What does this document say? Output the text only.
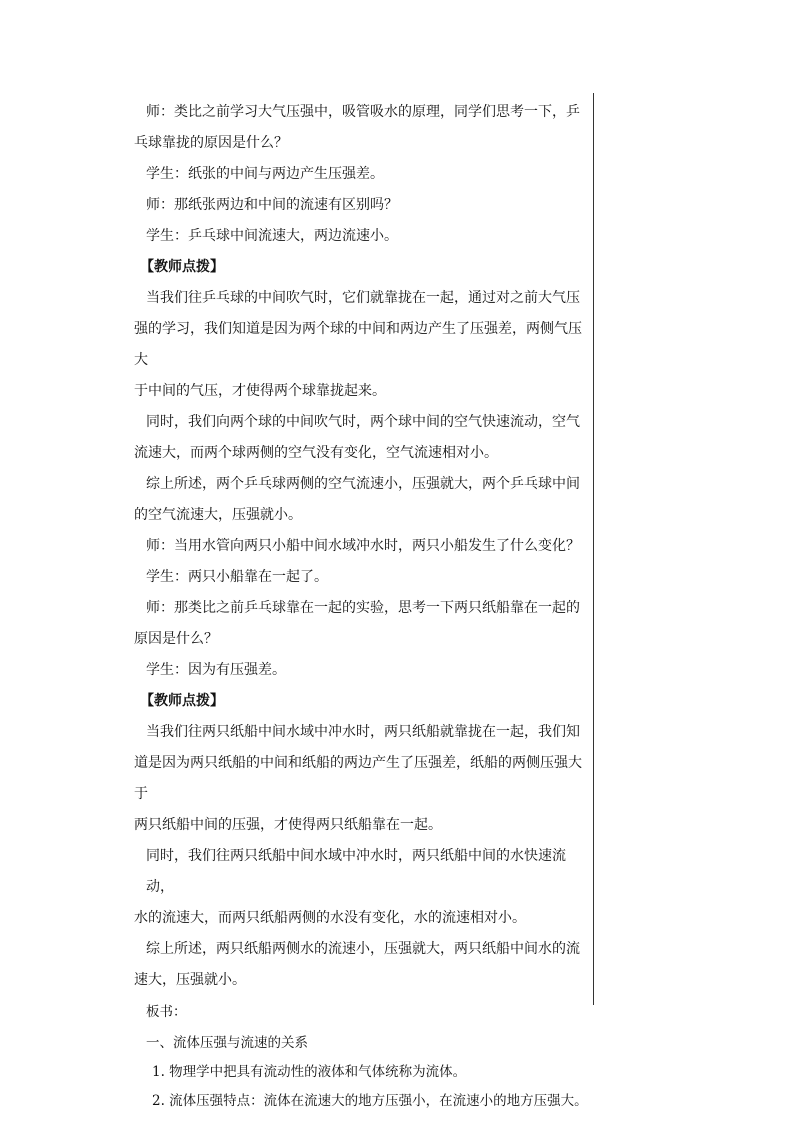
师：类比之前学习大气压强中，吸管吸水的原理，同学们思考一下，乒
乓球靠拢的原因是什么？
学生：纸张的中间与两边产生压强差。
师：那纸张两边和中间的流速有区别吗？
学生：乒乓球中间流速大，两边流速小。
【教师点拨】
当我们往乒乓球的中间吹气时，它们就靠拢在一起，通过对之前大气压
强的学习，我们知道是因为两个球的中间和两边产生了压强差，两侧气压大
于中间的气压，才使得两个球靠拢起来。
同时，我们向两个球的中间吹气时，两个球中间的空气快速流动，空气
流速大，而两个球两侧的空气没有变化，空气流速相对小。
综上所述，两个乒乓球两侧的空气流速小，压强就大，两个乒乓球中间
的空气流速大，压强就小。
师：当用水管向两只小船中间水域冲水时，两只小船发生了什么变化？
学生：两只小船靠在一起了。
师：那类比之前乒乓球靠在一起的实验，思考一下两只纸船靠在一起的
原因是什么？
学生：因为有压强差。
【教师点拨】
当我们往两只纸船中间水域中冲水时，两只纸船就靠拢在一起，我们知
道是因为两只纸船的中间和纸船的两边产生了压强差，纸船的两侧压强大于
两只纸船中间的压强，才使得两只纸船靠在一起。
同时，我们往两只纸船中间水域中冲水时，两只纸船中间的水快速流动，
水的流速大，而两只纸船两侧的水没有变化，水的流速相对小。
综上所述，两只纸船两侧水的流速小，压强就大，两只纸船中间水的流
速大，压强就小。
板书：
一、流体压强与流速的关系
1. 物理学中把具有流动性的液体和气体统称为流体。
2. 流体压强特点：流体在流速大的地方压强小，在流速小的地方压强大。
